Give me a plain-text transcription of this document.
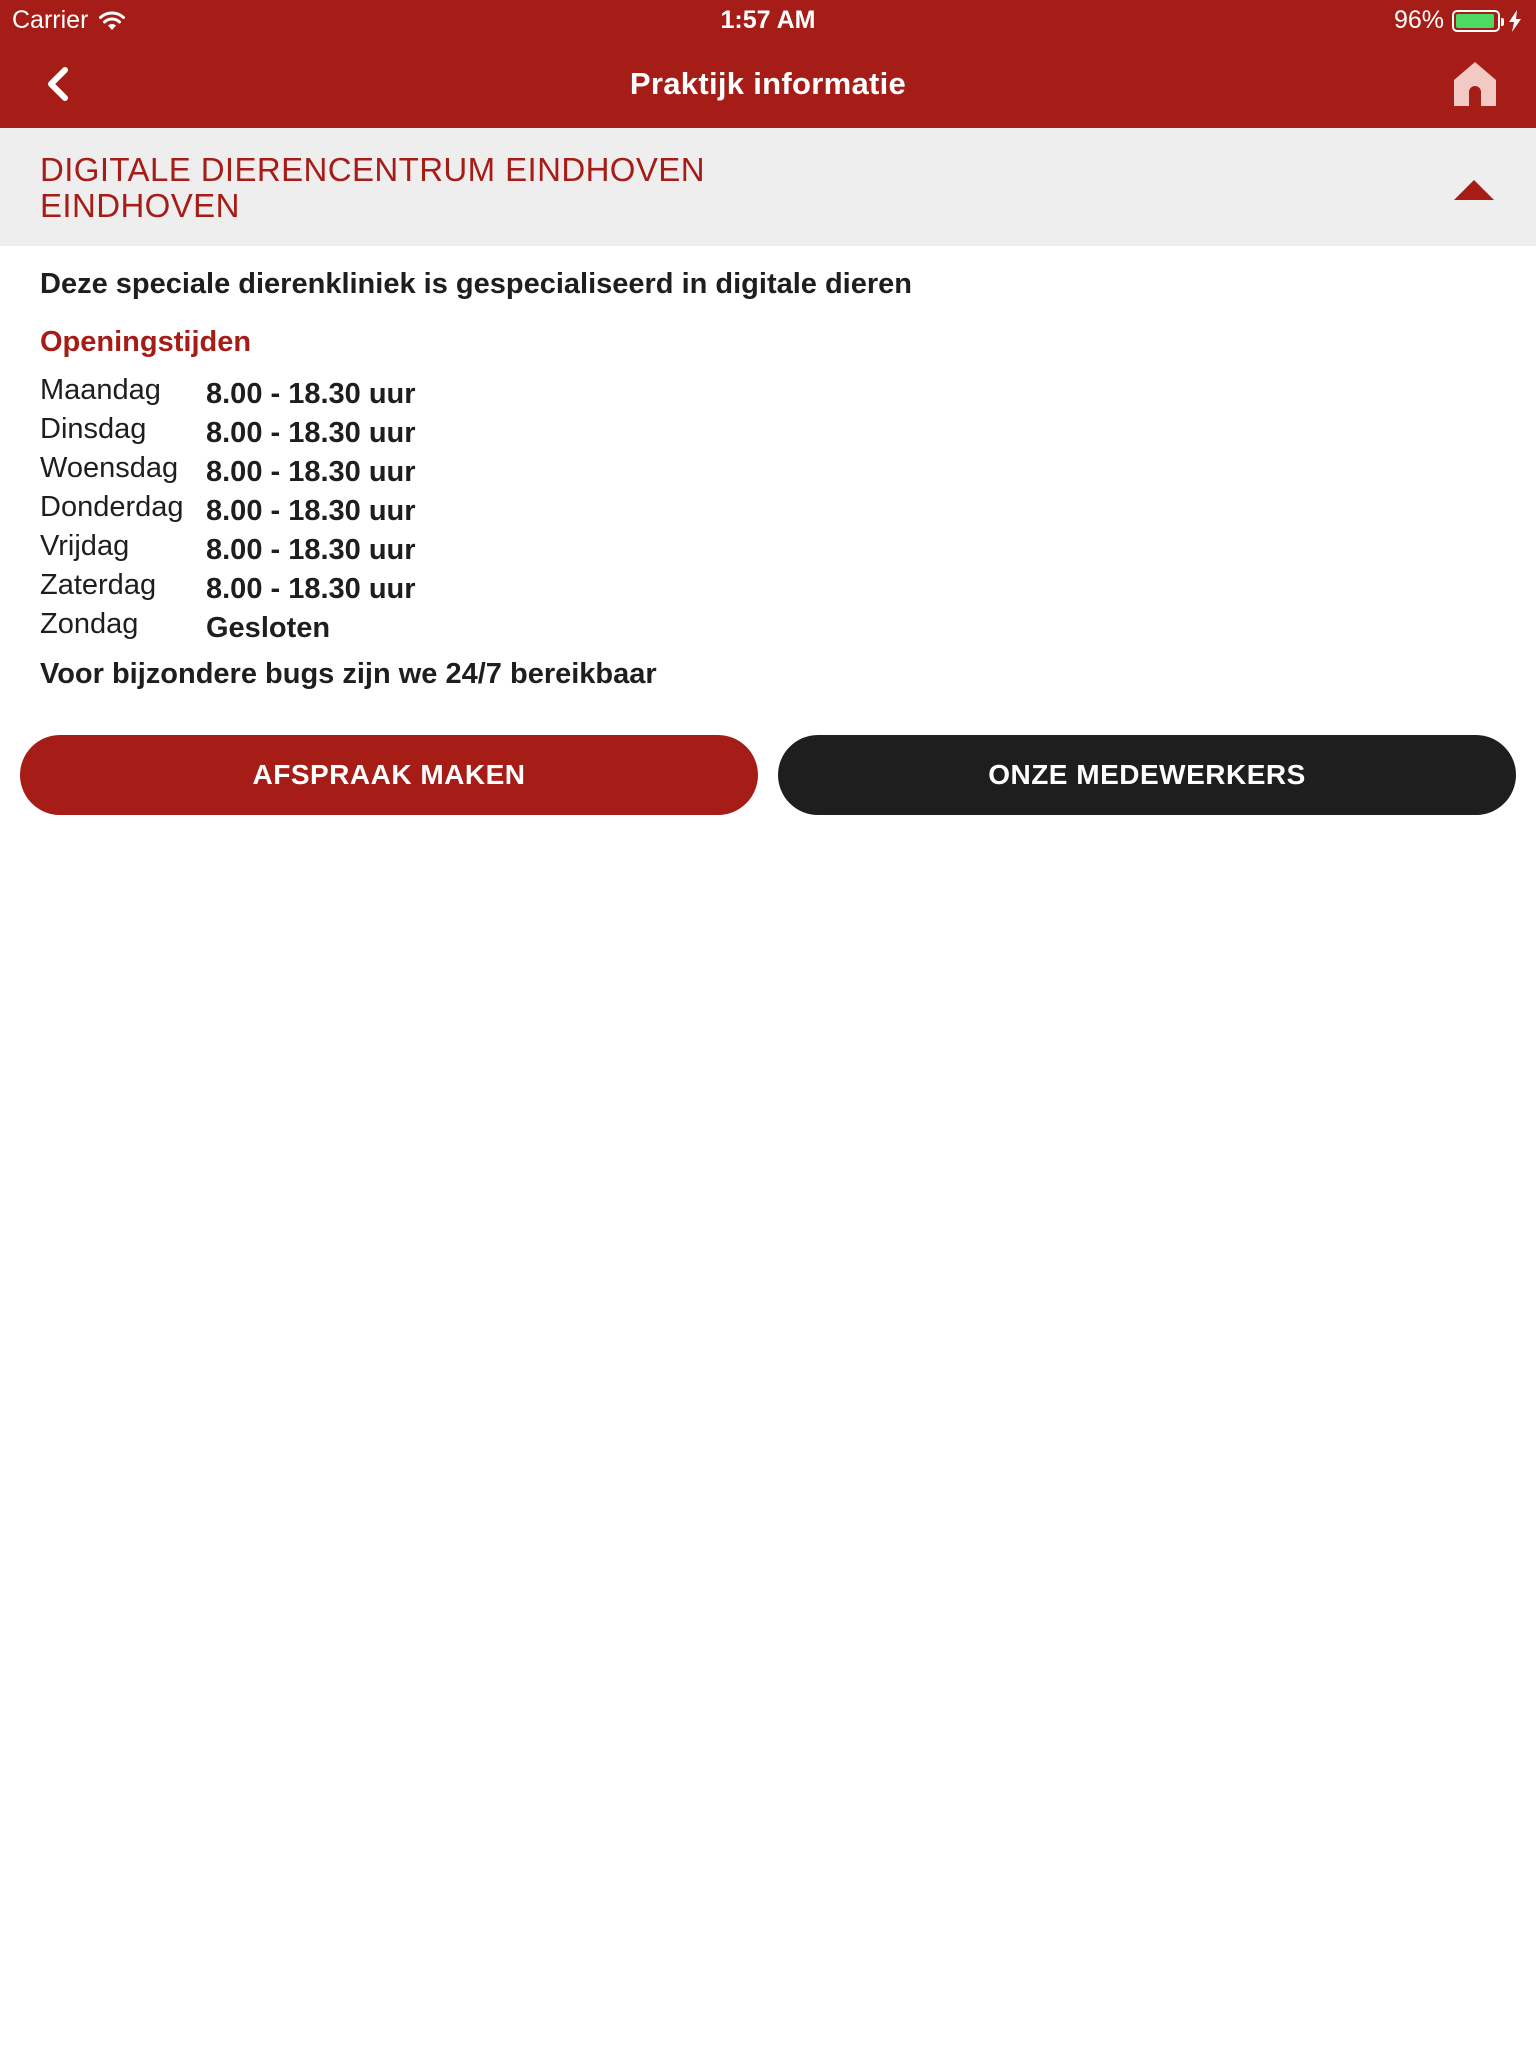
Carrier	1:57 AM	96%
Praktijk informatie
DIGITALE DIERENCENTRUM EINDHOVEN
EINDHOVEN
Deze speciale dierenkliniek is gespecialiseerd in digitale dieren
Openingstijden
Maandag 8.00 - 18.30 uur
Dinsdag 8.00 - 18.30 uur
Woensdag 8.00 - 18.30 uur
Donderdag 8.00 - 18.30 uur
Vrijdag	8.00 - 18.30 uur
Zaterdag 8.00 - 18.30 uur
Zondag Gesloten
Voor bijzondere bugs zijn we 24/7 bereikbaar
AFSPRAAK MAKEN	ONZE MEDEWERKERS
